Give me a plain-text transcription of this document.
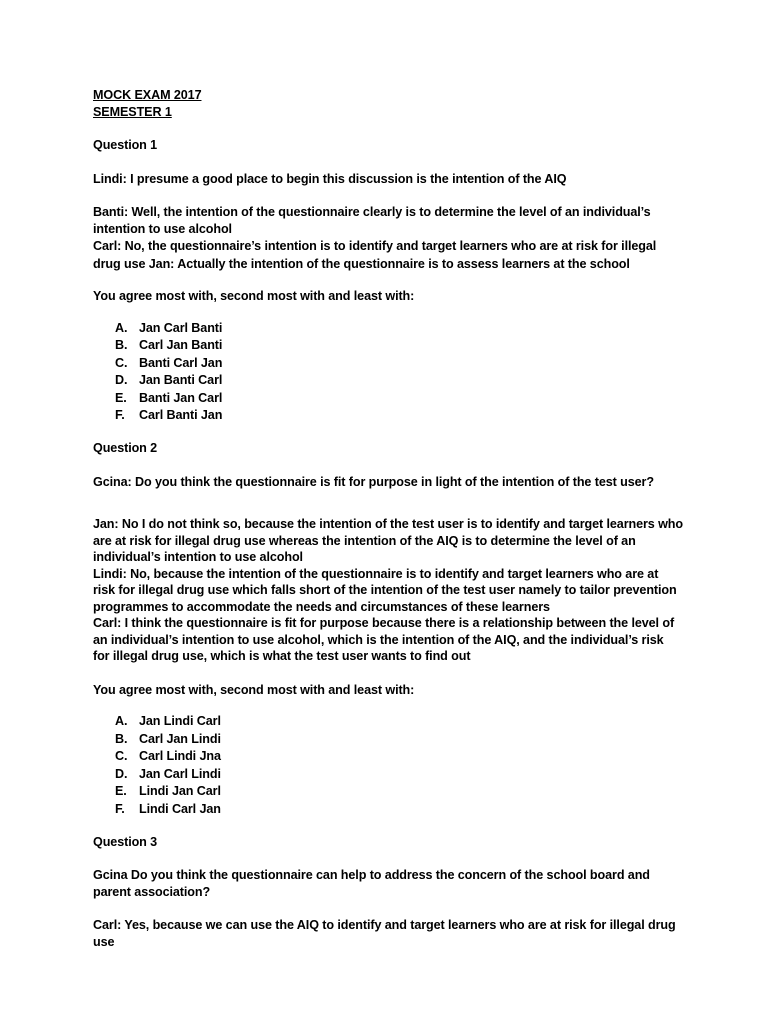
MOCK EXAM 2017

SEMESTER 1

Question 1

Lindi: I presume a good place to begin this discussion is the intention of the AIQ

Banti: Well, the intention of the questionnaire clearly is to determine the level of an individual’s intention to use alcohol

Carl: No, the questionnaire’s intention is to identify and target learners who are at risk for illegal drug use Jan: Actually the intention of the questionnaire is to assess learners at the school

You agree most with, second most with and least with:

A. Jan Carl Banti
B. Carl Jan Banti
C. Banti Carl Jan
D. Jan Banti Carl
E. Banti Jan Carl
F. Carl Banti Jan

Question 2

Gcina: Do you think the questionnaire is fit for purpose in light of the intention of the test user?

Jan: No I do not think so, because the intention of the test user is to identify and target learners who are at risk for illegal drug use whereas the intention of the AIQ is to determine the level of an individual’s intention to use alcohol

Lindi: No, because the intention of the questionnaire is to identify and target learners who are at risk for illegal drug use which falls short of the intention of the test user namely to tailor prevention programmes to accommodate the needs and circumstances of these learners

Carl: I think the questionnaire is fit for purpose because there is a relationship between the level of an individual’s intention to use alcohol, which is the intention of the AIQ, and the individual’s risk for illegal drug use, which is what the test user wants to find out

You agree most with, second most with and least with:

A. Jan Lindi Carl
B. Carl Jan Lindi
C. Carl Lindi Jna
D. Jan Carl Lindi
E. Lindi Jan Carl
F. Lindi Carl Jan

Question 3

Gcina Do you think the questionnaire can help to address the concern of the school board and parent association?

Carl: Yes, because we can use the AIQ to identify and target learners who are at risk for illegal drug use
